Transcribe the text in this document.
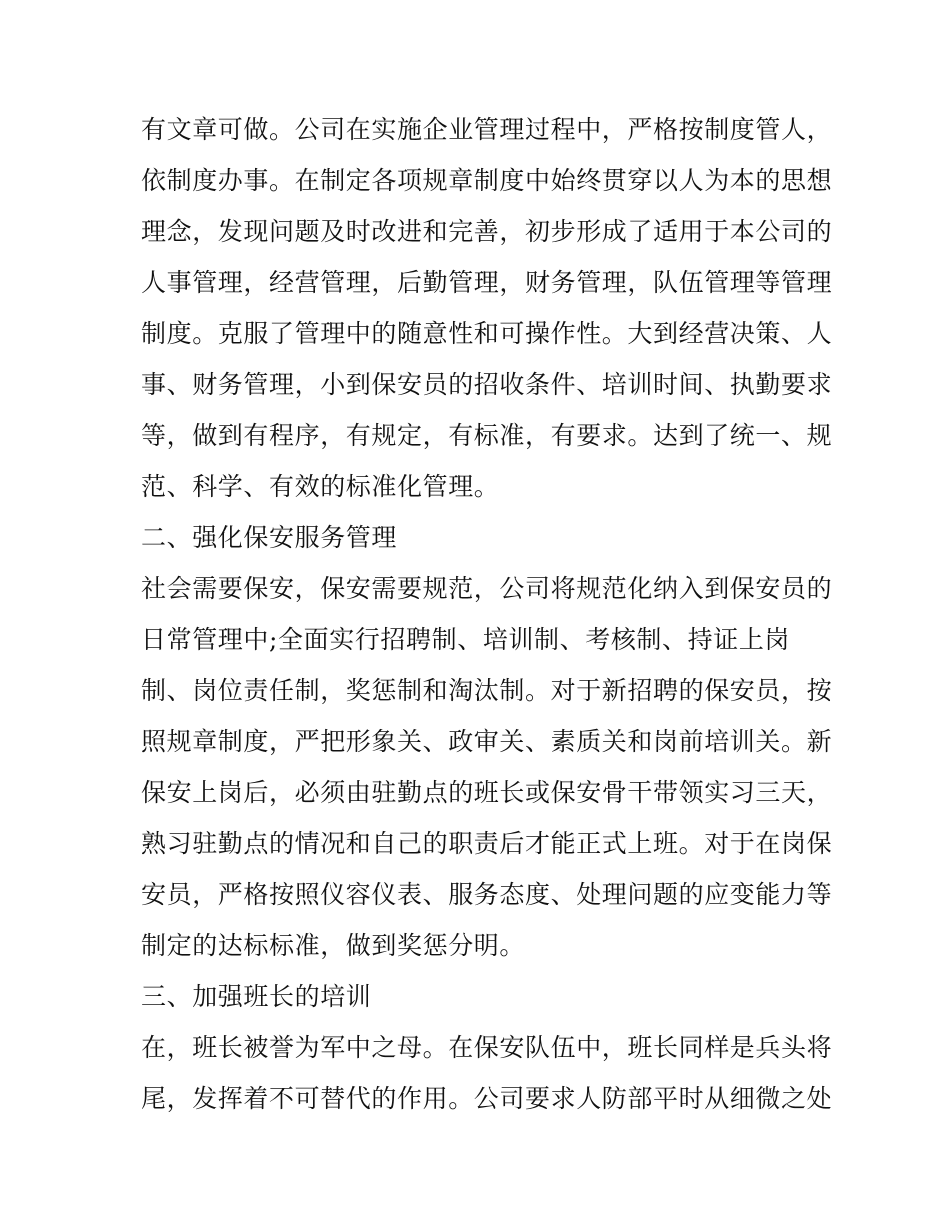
有文章可做。公司在实施企业管理过程中，严格按制度管人，
依制度办事。在制定各项规章制度中始终贯穿以人为本的思想
理念，发现问题及时改进和完善，初步形成了适用于本公司的
人事管理，经营管理，后勤管理，财务管理，队伍管理等管理
制度。克服了管理中的随意性和可操作性。大到经营决策、人
事、财务管理，小到保安员的招收条件、培训时间、执勤要求
等，做到有程序，有规定，有标准，有要求。达到了统一、规
范、科学、有效的标准化管理。
二、强化保安服务管理
社会需要保安，保安需要规范，公司将规范化纳入到保安员的
日常管理中;全面实行招聘制、培训制、考核制、持证上岗
制、岗位责任制，奖惩制和淘汰制。对于新招聘的保安员，按
照规章制度，严把形象关、政审关、素质关和岗前培训关。新
保安上岗后，必须由驻勤点的班长或保安骨干带领实习三天，
熟习驻勤点的情况和自己的职责后才能正式上班。对于在岗保
安员，严格按照仪容仪表、服务态度、处理问题的应变能力等
制定的达标标准，做到奖惩分明。
三、加强班长的培训
在，班长被誉为军中之母。在保安队伍中，班长同样是兵头将
尾，发挥着不可替代的作用。公司要求人防部平时从细微之处
